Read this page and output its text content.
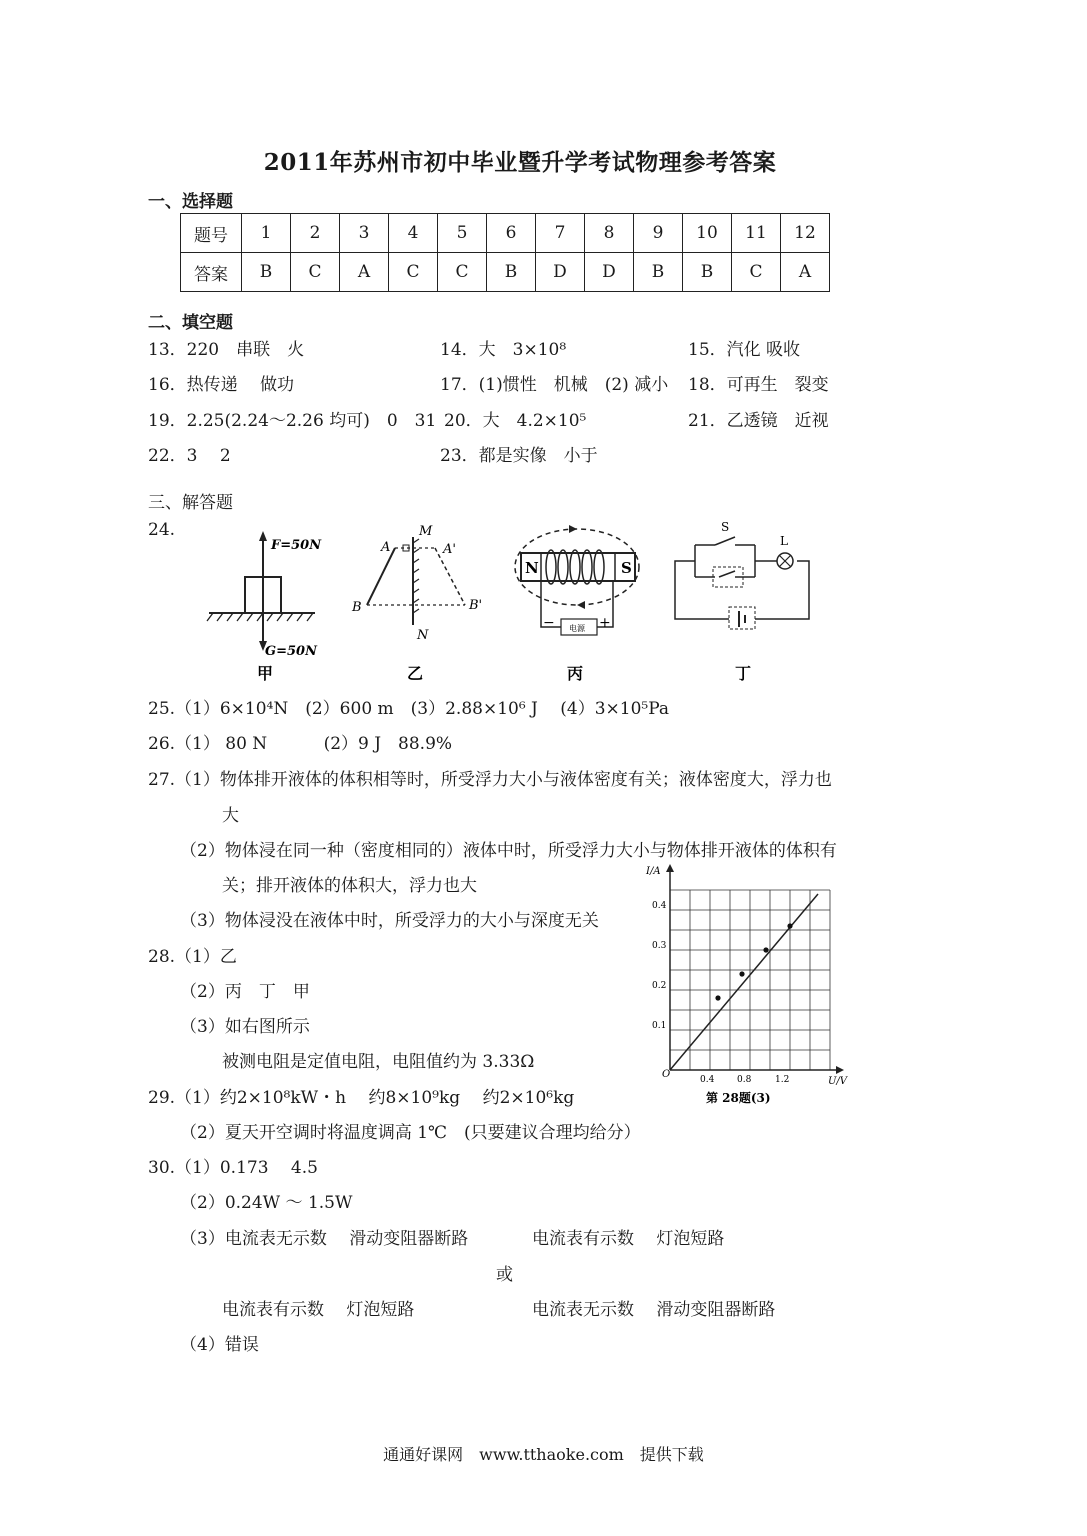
2011年苏州市初中毕业暨升学考试物理参考答案
一、选择题
题号	1	2	3	4	5	6	7	8	9	10	11	12
答案	B	C	A	C	C	B	D	D	B	B	C	A
二、填空题
13．220　串联　火	14．大　3×10⁸	15．汽化 吸收
16．热传递　 做功	17．(1)惯性　机械　(2) 减小 18．可再生　裂变
19．2.25(2.24～2.26 均可)　0　31 20．大　4.2×10⁵	21．乙透镜　近视
22．3　 2	23．都是实像　小于
三、解答题
24.
F=50N
G=50N
甲
A	A'
B	B'
M
N
乙
N	S
电源
−	+
丙
S
L
丁
25.（1）6×10⁴N　(2）600 m　(3）2.88×10⁶ J　 (4）3×10⁵Pa
26.（1） 80 N　　　 (2）9 J　88.9%
27.（1）物体排开液体的体积相等时，所受浮力大小与液体密度有关；液体密度大，浮力也
大
（2）物体浸在同一种（密度相同的）液体中时，所受浮力大小与物体排开液体的体积有
关；排开液体的体积大，浮力也大
（3）物体浸没在液体中时，所受浮力的大小与深度无关
28.（1）乙
（2）丙　丁　甲
（3）如右图所示
被测电阻是定值电阻，电阻值约为 3.33Ω
29.（1）约2×10⁸kW・h　 约8×10⁹kg　 约2×10⁶kg
（2）夏天开空调时将温度调高 1℃　(只要建议合理均给分）
30.（1）0.173　 4.5
（2）0.24W ～ 1.5W
（3）电流表无示数　 滑动变阻器断路	电流表有示数　 灯泡短路
或
电流表有示数　 灯泡短路	电流表无示数　 滑动变阻器断路
（4）错误
I/A
U/V
O	0.4	0.8	1.2
0.1
0.2
0.3
0.4
第 28题(3)
通通好课网　www.tthaoke.com　提供下载
